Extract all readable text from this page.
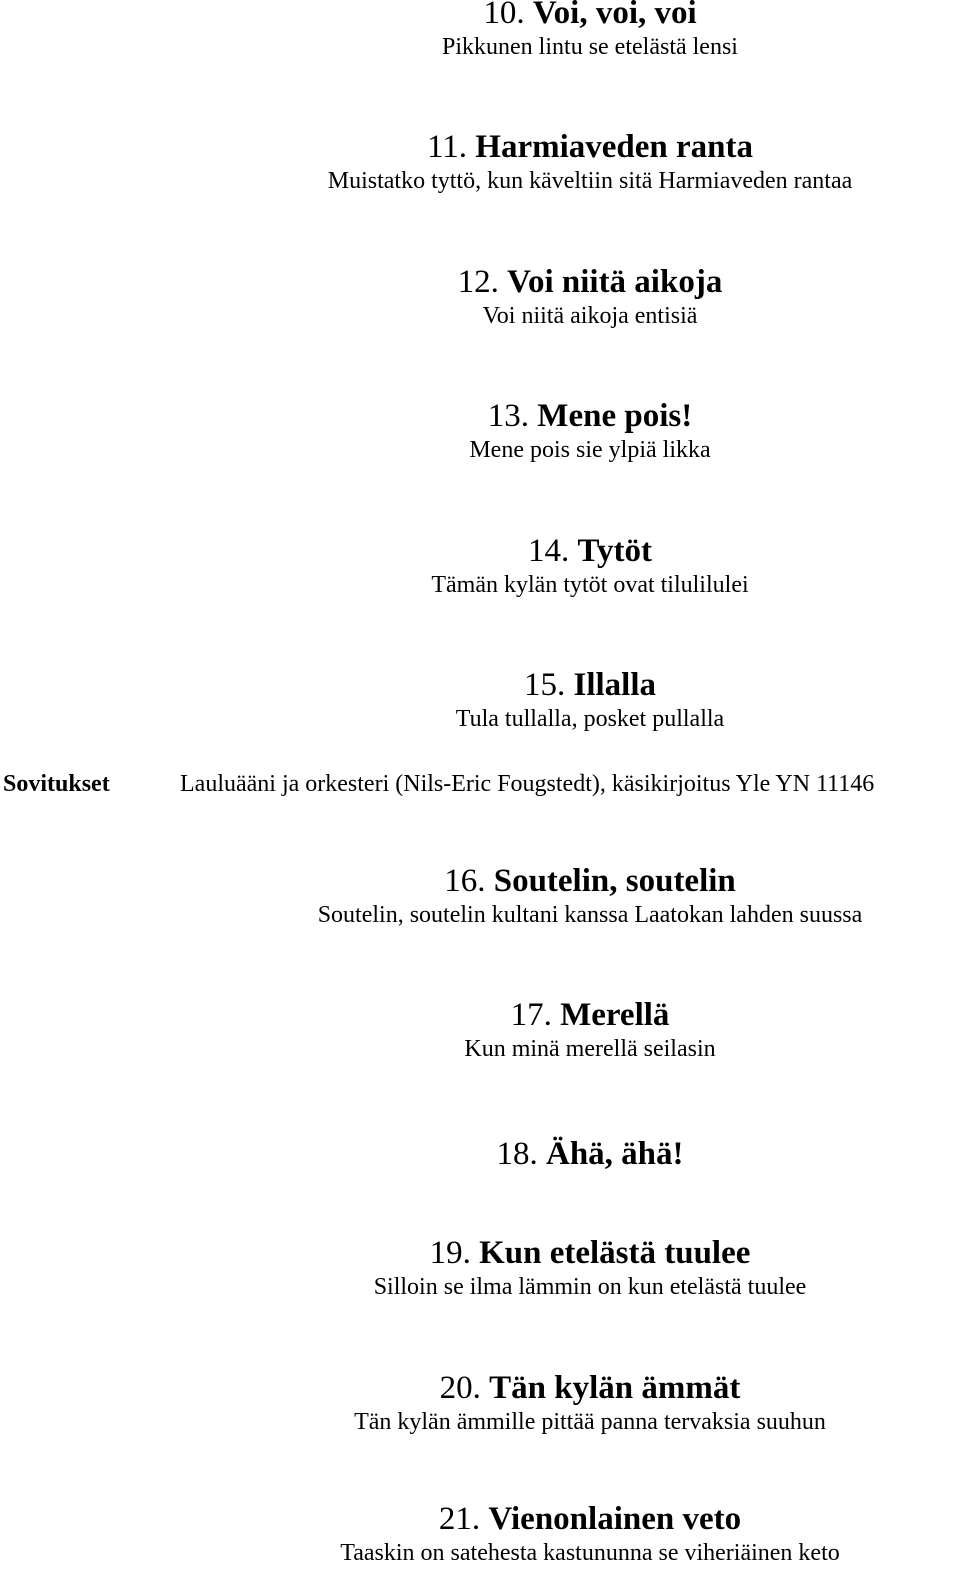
10. Voi, voi, voi
Pikkunen lintu se etelästä lensi
11. Harmiaveden ranta
Muistatko tyttö, kun käveltiin sitä Harmiaveden rantaa
12. Voi niitä aikoja
Voi niitä aikoja entisiä
13. Mene pois!
Mene pois sie ylpiä likka
14. Tytöt
Tämän kylän tytöt ovat tilulilulei
15. Illalla
Tula tullalla, posket pullalla
Sovitukset	Lauluääni ja orkesteri (Nils-Eric Fougstedt), käsikirjoitus Yle YN 11146
16. Soutelin, soutelin
Soutelin, soutelin kultani kanssa Laatokan lahden suussa
17. Merellä
Kun minä merellä seilasin
18. Ähä, ähä!
19. Kun etelästä tuulee
Silloin se ilma lämmin on kun etelästä tuulee
20. Tän kylän ämmät
Tän kylän ämmille pittää panna tervaksia suuhun
21. Vienonlainen veto
Taaskin on satehesta kastununna se viheriäinen keto
